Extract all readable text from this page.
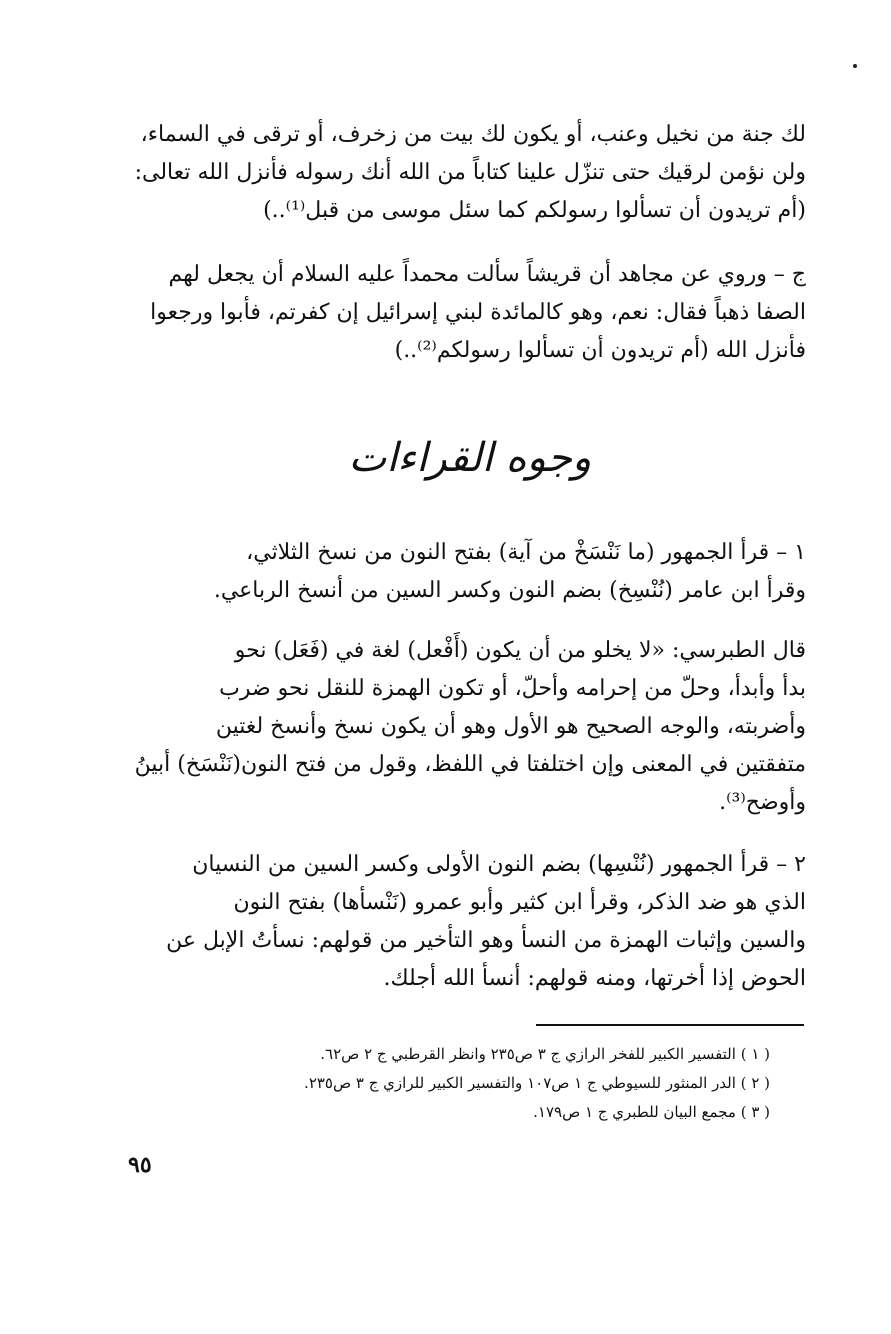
لك جنة من نخيل وعنب، أو يكون لك بيت من زخرف، أو ترقى في السماء،
ولن نؤمن لرقيك حتى تنزّل علينا كتاباً من الله أنك رسوله فأنزل الله تعالى:
(أم تريدون أن تسألوا رسولكم كما سئل موسى من قبل⁽¹⁾..)
ج – وروي عن مجاهد أن قريشاً سألت محمداً عليه السلام أن يجعل لهم
الصفا ذهباً فقال: نعم، وهو كالمائدة لبني إسرائيل إن كفرتم، فأبوا ورجعوا
فأنزل الله (أم تريدون أن تسألوا رسولكم⁽²⁾..)
وجوه القراءات
١ – قرأ الجمهور (ما نَنْسَخْ من آية) بفتح النون من نسخ الثلاثي،
وقرأ ابن عامر (نُنْسِخ) بضم النون وكسر السين من أنسخ الرباعي.
قال الطبرسي: «لا يخلو من أن يكون (أَفْعل) لغة في (فَعَل) نحو
بدأ وأبدأ، وحلّ من إحرامه وأحلّ، أو تكون الهمزة للنقل نحو ضرب
وأضربته، والوجه الصحيح هو الأول وهو أن يكون نسخ وأنسخ لغتين
متفقتين في المعنى وإن اختلفتا في اللفظ، وقول من فتح النون(نَنْسَخ) أبينُ
وأوضح⁽³⁾.
٢ – قرأ الجمهور (نُنْسِها) بضم النون الأولى وكسر السين من النسيان
الذي هو ضد الذكر، وقرأ ابن كثير وأبو عمرو (نَنْسأها) بفتح النون
والسين وإثبات الهمزة من النسأ وهو التأخير من قولهم: نسأتُ الإبل عن
الحوض إذا أخرتها، ومنه قولهم: أنسأ الله أجلك.
( ١ ) التفسير الكبير للفخر الرازي ج ٣ ص٢٣٥ وانظر القرطبي ج ٢ ص٦٢.
( ٢ ) الدر المنثور للسيوطي ج ١ ص١٠٧ والتفسير الكبير للرازي ج ٣ ص٢٣٥.
( ٣ ) مجمع البيان للطبري ج ١ ص١٧٩.
٩٥
